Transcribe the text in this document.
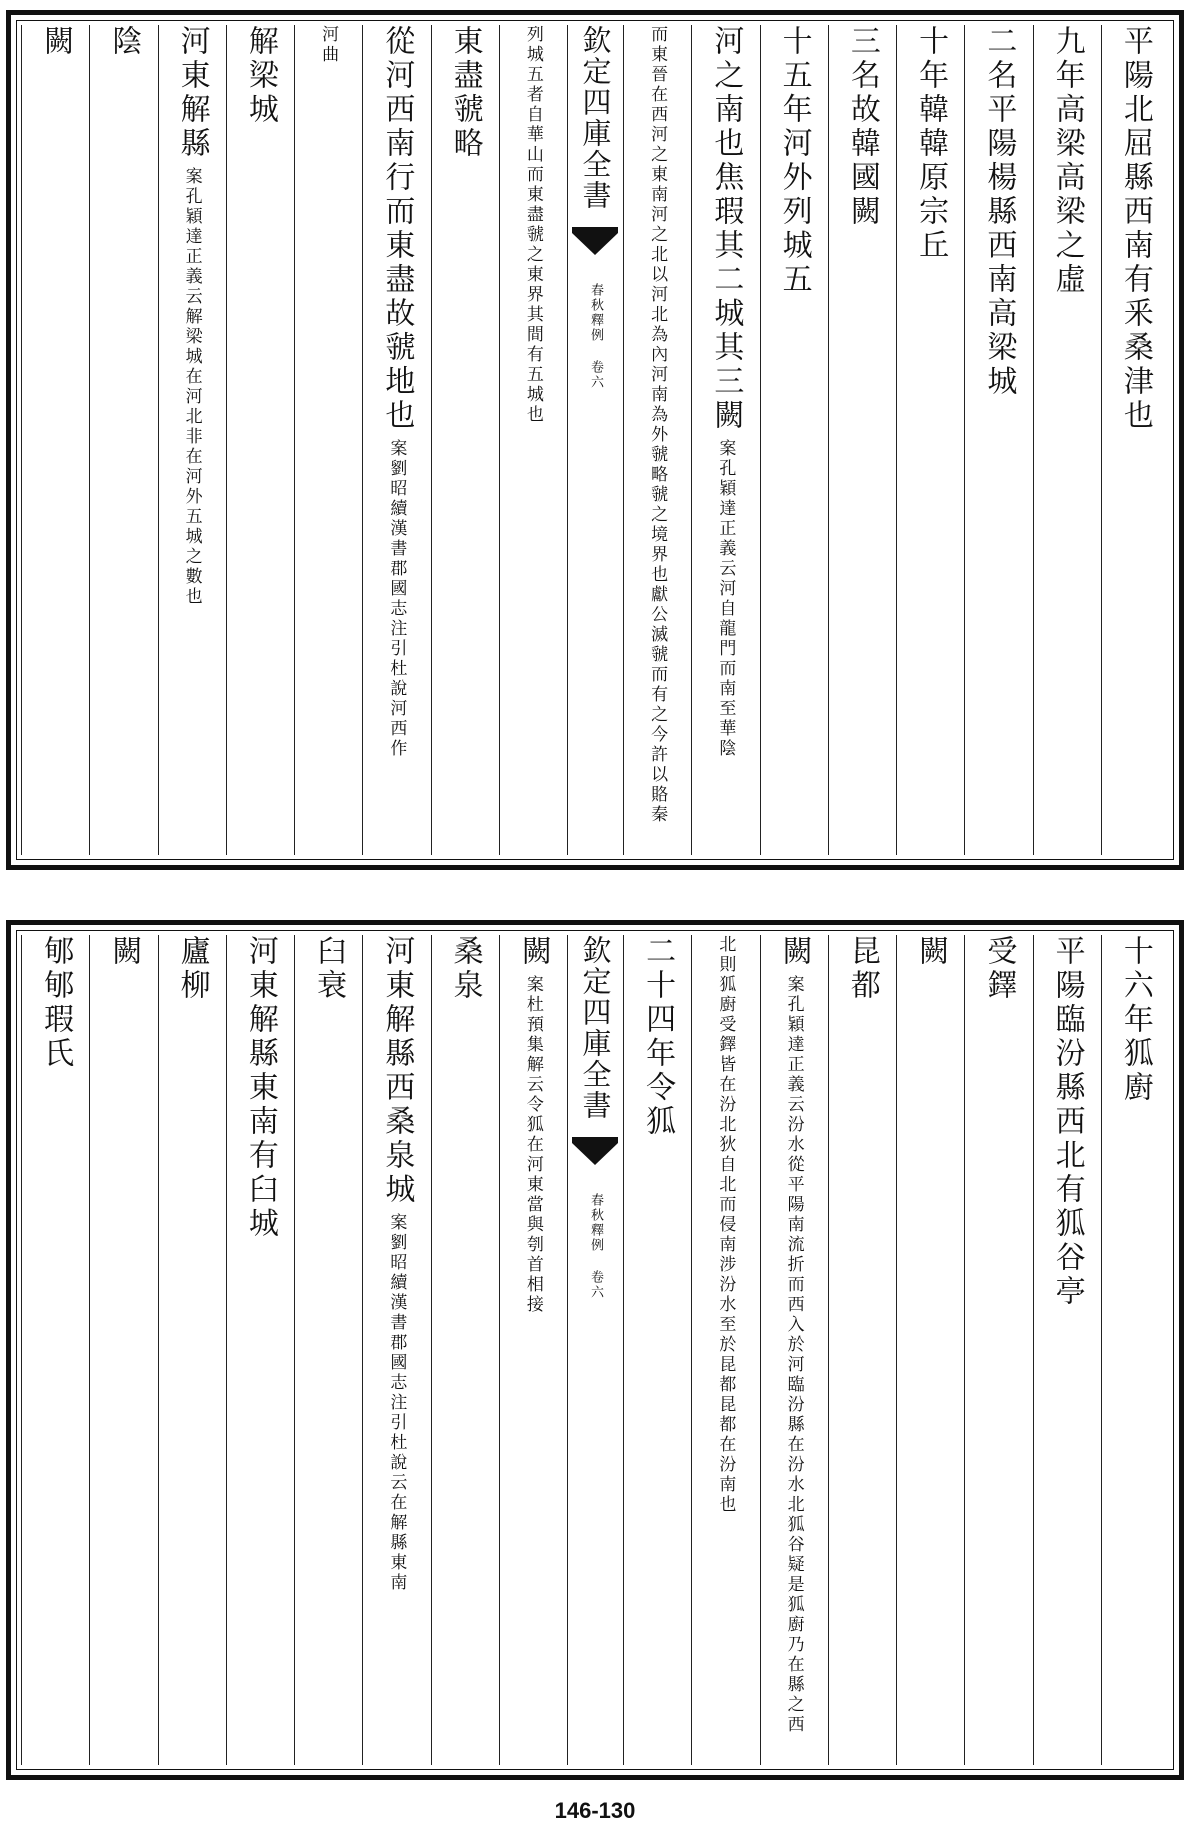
平陽北屈縣西南有釆桑津也
九年高梁高梁之虛
二名平陽楊縣西南高梁城
十年韓韓原宗丘
三名故韓國闕
十五年河外列城五
河之南也焦瑕其二城其三闕
案孔穎達正義云河自龍門而南至華陰
而東晉在西河之東南河之北以河北為內河南為外虢略虢之境界也獻公滅虢而有之今許以賂秦
欽定四庫全書
春秋釋例 卷六
列城五者自華山而東盡虢之東界其間有五城也
東盡虢略
從河西南行而東盡故虢地也
案劉昭續漢書郡國志注引杜說河西作
河曲
解梁城
河東解縣
案孔穎達正義云解梁城在河北非在河外五城之數也
陰
闕
十六年狐廚
平陽臨汾縣西北有狐谷亭
受鐸
闕
昆都
闕
案孔穎達正義云汾水從平陽南流折而西入於河臨汾縣在汾水北狐谷疑是狐廚乃在縣之西
北則狐廚受鐸皆在汾北狄自北而侵南涉汾水至於昆都昆都在汾南也
二十四年令狐
欽定四庫全書
春秋釋例 卷六
闕
案杜預集解云令狐在河東當與刳首相接
桑泉
河東解縣西桑泉城
案劉昭續漢書郡國志注引杜說云在解縣東南
臼衰
河東解縣東南有臼城
廬柳
闕
郇郇瑕氏
146-130
